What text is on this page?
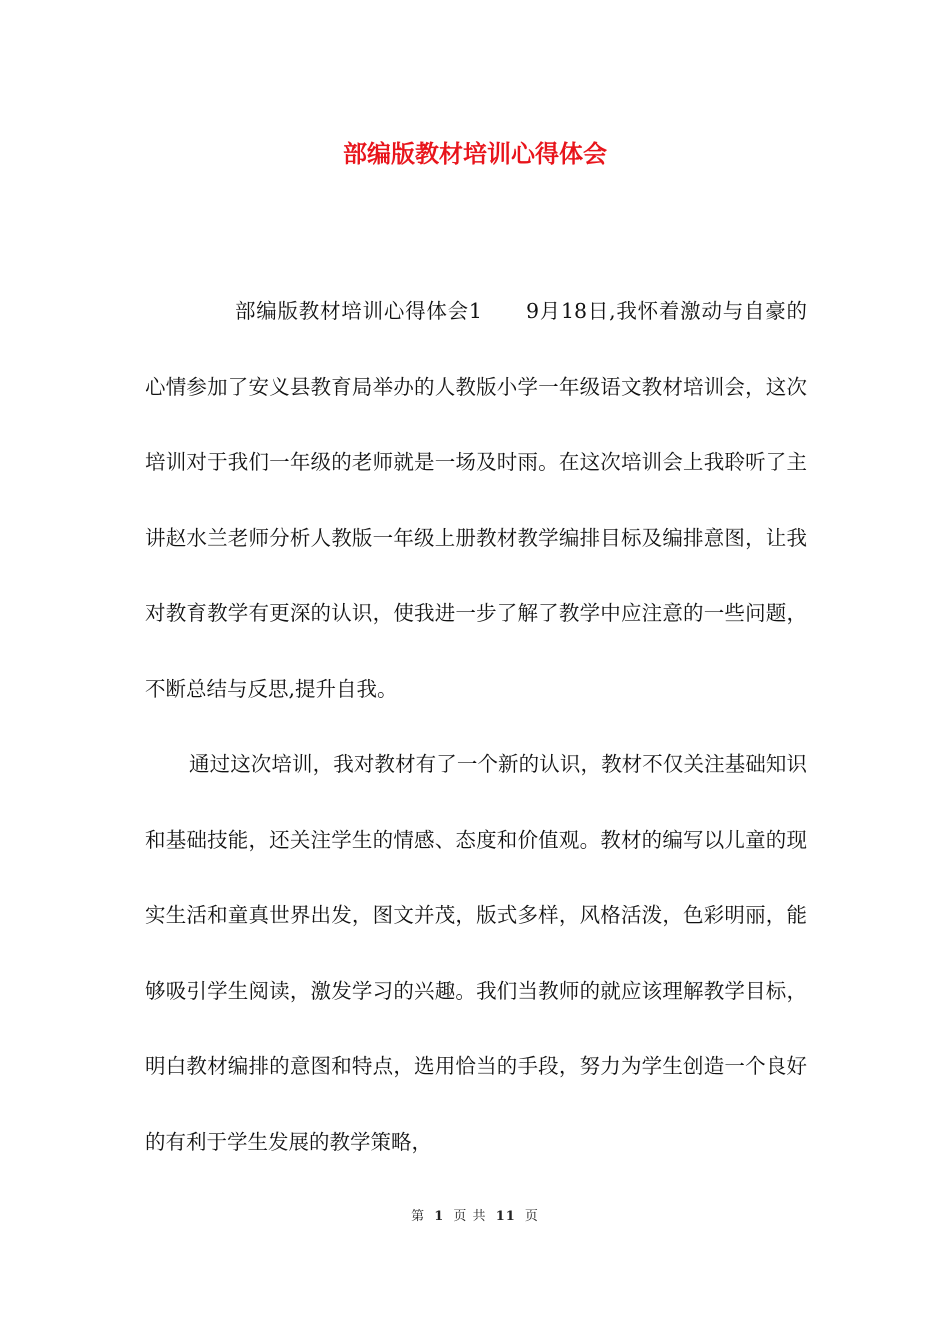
部编版教材培训心得体会

部编版教材培训心得体会1 9月18日,我怀着激动与自豪的心情参加了安义县教育局举办的人教版小学一年级语文教材培训会，这次培训对于我们一年级的老师就是一场及时雨。在这次培训会上我聆听了主讲赵水兰老师分析人教版一年级上册教材教学编排目标及编排意图，让我对教育教学有更深的认识，使我进一步了解了教学中应注意的一些问题，不断总结与反思,提升自我。

通过这次培训，我对教材有了一个新的认识，教材不仅关注基础知识和基础技能，还关注学生的情感、态度和价值观。教材的编写以儿童的现实生活和童真世界出发，图文并茂，版式多样，风格活泼，色彩明丽，能够吸引学生阅读，激发学习的兴趣。我们当教师的就应该理解教学目标，明白教材编排的意图和特点，选用恰当的手段，努力为学生创造一个良好的有利于学生发展的教学策略，

第 1 页 共 11 页
